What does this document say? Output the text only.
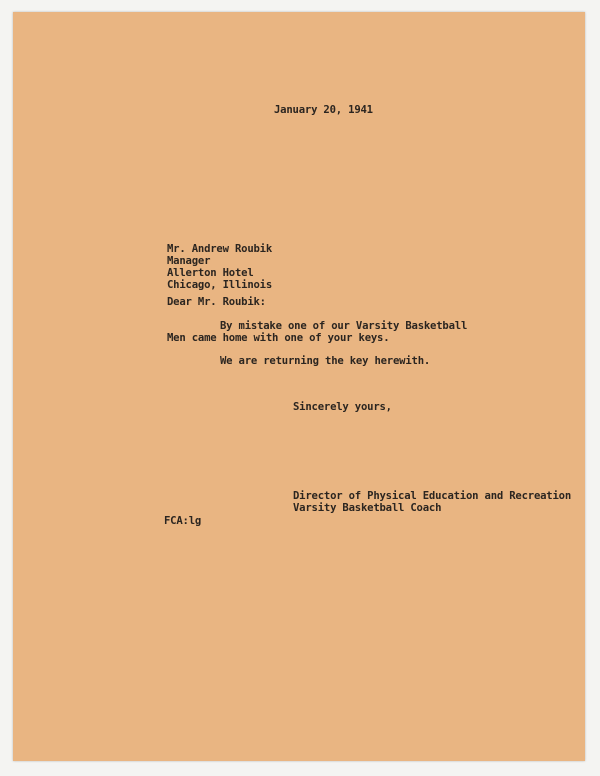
January 20, 1941
Mr. Andrew Roubik
Manager
Allerton Hotel
Chicago, Illinois
Dear Mr. Roubik:
By mistake one of our Varsity Basketball
Men came home with one of your keys.
We are returning the key herewith.
Sincerely yours,
Director of Physical Education and Recreation
Varsity Basketball Coach
FCA:lg
